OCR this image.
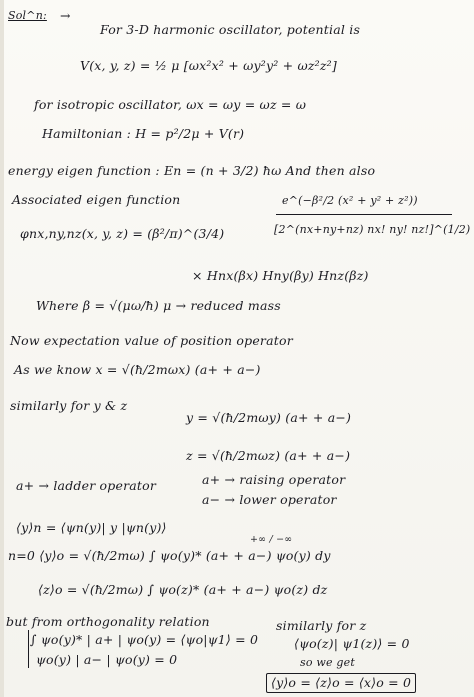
Sol^n: →
For 3-D harmonic oscillator, potential is
V(x, y, z) = ½ μ [ωx²x² + ωy²y² + ωz²z²]
for isotropic oscillator, ωx = ωy = ωz = ω
Hamiltonian : H = p²/2μ + V(r)
energy eigen function : En = (n + 3/2) ħω And then also
Associated eigen function	e^(−β²/2 (x² + y² + z²))
φnx,ny,nz(x, y, z) = (β²/π)^(3/4)	[2^(nx+ny+nz) nx! ny! nz!]^(1/2)
× Hnx(βx) Hny(βy) Hnz(βz)
Where β = √(μω/ħ) μ → reduced mass
Now expectation value of position operator
As we know x = √(ħ/2mωx) (a+ + a−)
similarly for y & z
y = √(ħ/2mωy) (a+ + a−)
z = √(ħ/2mωz) (a+ + a−)
a+ → ladder operator	a+ → raising operator
a− → lower operator
⟨y⟩n = ⟨ψn(y)| y |ψn(y)⟩
+∞ / −∞
n=0 ⟨y⟩o = √(ħ/2mω) ∫ ψo(y)* (a+ + a−) ψo(y) dy
⟨z⟩o = √(ħ/2mω) ∫ ψo(z)* (a+ + a−) ψo(z) dz
but from orthogonality relation	similarly for z
∫ ψo(y)* | a+ | ψo(y) = ⟨ψo|ψ1⟩ = 0	⟨ψo(z)| ψ1(z)⟩ = 0
ψo(y) | a− | ψo(y) = 0	so we get
⟨y⟩o = ⟨z⟩o = ⟨x⟩o = 0
